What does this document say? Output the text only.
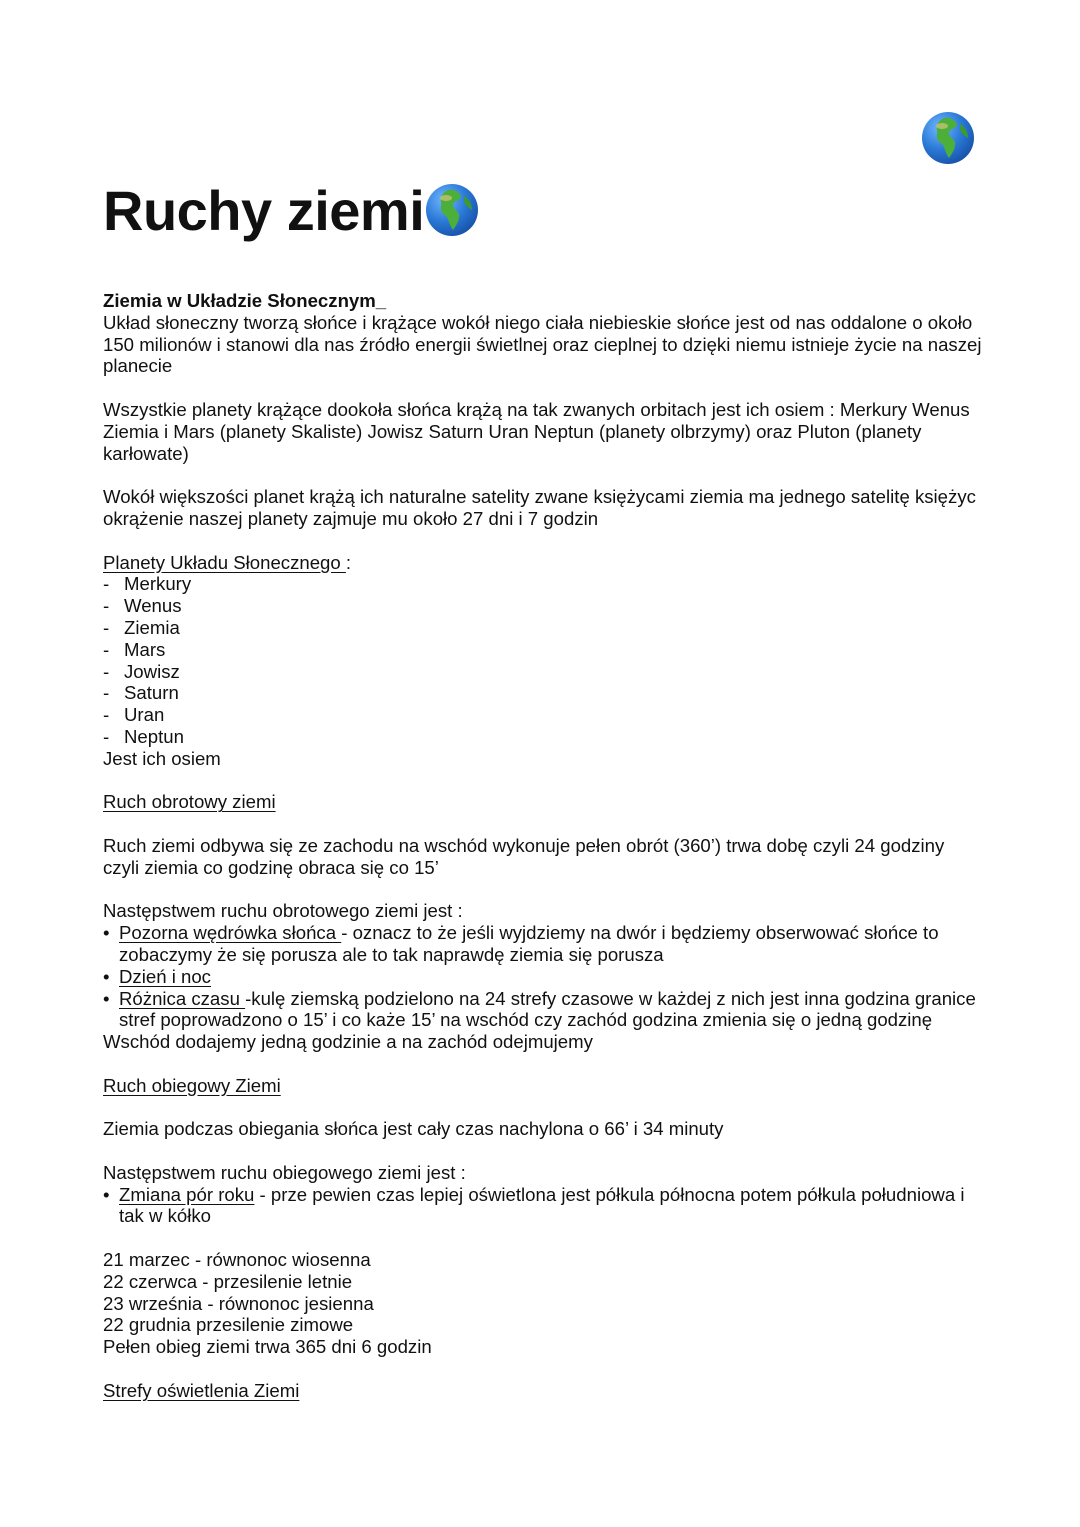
Ruchy ziemi

Ziemia w Układzie Słonecznym_

Układ słoneczny tworzą słońce i krążące wokół niego ciała niebieskie słońce jest od nas oddalone o około 150 milionów i stanowi dla nas źródło energii świetlnej oraz cieplnej to dzięki niemu istnieje życie na naszej planecie

Wszystkie planety krążące dookoła słońca krążą na tak zwanych orbitach jest ich osiem : Merkury Wenus Ziemia i Mars (planety Skaliste) Jowisz Saturn Uran Neptun (planety olbrzymy) oraz Pluton (planety karłowate)

Wokół większości planet krążą ich naturalne satelity zwane księżycami ziemia ma jednego satelitę księżyc okrążenie naszej planety zajmuje mu około 27 dni i 7 godzin

Planety Układu Słonecznego :

- Merkury
- Wenus
- Ziemia
- Mars
- Jowisz
- Saturn
- Uran
- Neptun

Jest ich osiem

Ruch obrotowy ziemi

Ruch ziemi odbywa się ze zachodu na wschód wykonuje pełen obrót (360’) trwa dobę czyli 24 godziny czyli ziemia co godzinę obraca się co 15’

Następstwem ruchu obrotowego ziemi jest :

• Pozorna wędrówka słońca - oznacz to że jeśli wyjdziemy na dwór i będziemy obserwować słońce to zobaczymy że się porusza ale to tak naprawdę ziemia się porusza
• Dzień i noc
• Różnica czasu -kulę ziemską podzielono na 24 strefy czasowe w każdej z nich jest inna godzina granice stref poprowadzono o 15’ i co każe 15’ na wschód czy zachód godzina zmienia się o jedną godzinę

Wschód dodajemy jedną godzinie a na zachód odejmujemy

Ruch obiegowy Ziemi

Ziemia podczas obiegania słońca jest cały czas nachylona o 66’ i 34 minuty

Następstwem ruchu obiegowego ziemi jest :

• Zmiana pór roku - prze pewien czas lepiej oświetlona jest półkula północna potem półkula południowa i tak w kółko

21 marzec - równonoc wiosenna

22 czerwca - przesilenie letnie

23 września - równonoc jesienna

22 grudnia przesilenie zimowe

Pełen obieg ziemi trwa 365 dni 6 godzin

Strefy oświetlenia Ziemi
